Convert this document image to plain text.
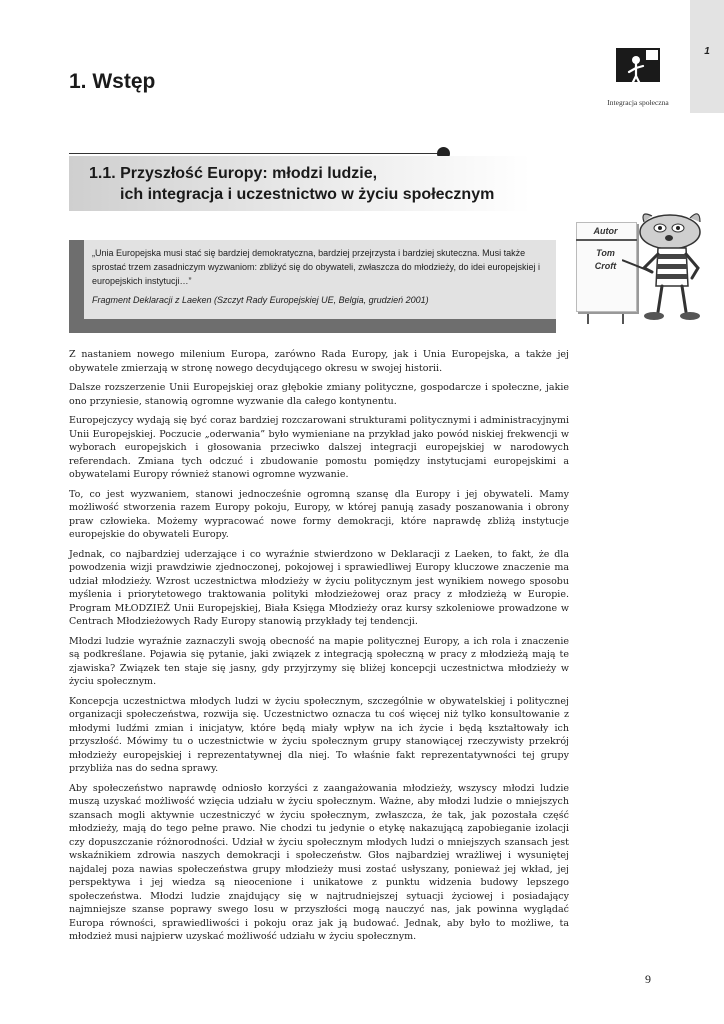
1
Integracja społeczna
1. Wstęp
1.1. Przyszłość Europy: młodzi ludzie,
ich integracja i uczestnictwo w życiu społecznym

„Unia Europejska musi stać się bardziej demokratyczna, bardziej przejrzysta i bardziej skuteczna. Musi także sprostać trzem zasadniczym wyzwaniom: zbliżyć się do obywateli, zwłaszcza do młodzieży, do idei europejskiej i europejskich instytucji…”

Fragment Deklaracji z Laeken (Szczyt Rady Europejskiej UE, Belgia, grudzień 2001)

Autor
Tom
Croft

Z nastaniem nowego milenium Europa, zarówno Rada Europy, jak i Unia Europejska, a także jej obywatele zmierzają w stronę nowego decydującego okresu w swojej historii.

Dalsze rozszerzenie Unii Europejskiej oraz głębokie zmiany polityczne, gospodarcze i społeczne, jakie ono przyniesie, stanowią ogromne wyzwanie dla całego kontynentu.

Europejczycy wydają się być coraz bardziej rozczarowani strukturami politycznymi i administracyjnymi Unii Europejskiej. Poczucie „oderwania” było wymieniane na przykład jako powód niskiej frekwencji w wyborach europejskich i głosowania przeciwko dalszej integracji europejskiej w narodowych referendach. Zmiana tych odczuć i zbudowanie pomostu pomiędzy instytucjami europejskimi a obywatelami Europy również stanowi ogromne wyzwanie.

To, co jest wyzwaniem, stanowi jednocześnie ogromną szansę dla Europy i jej obywateli. Mamy możliwość stworzenia razem Europy pokoju, Europy, w której panują zasady poszanowania i obrony praw człowieka. Możemy wypracować nowe formy demokracji, które naprawdę zbliżą instytucje europejskie do obywateli Europy.

Jednak, co najbardziej uderzające i co wyraźnie stwierdzono w Deklaracji z Laeken, to fakt, że dla powodzenia wizji prawdziwie zjednoczonej, pokojowej i sprawiedliwej Europy kluczowe znaczenie ma udział młodzieży. Wzrost uczestnictwa młodzieży w życiu politycznym jest wynikiem nowego sposobu myślenia i priorytetowego traktowania polityki młodzieżowej oraz pracy z młodzieżą w Europie. Program MŁODZIEŻ Unii Europejskiej, Biała Księga Młodzieży oraz kursy szkoleniowe prowadzone w Centrach Młodzieżowych Rady Europy stanowią przykłady tej tendencji.

Młodzi ludzie wyraźnie zaznaczyli swoją obecność na mapie politycznej Europy, a ich rola i znaczenie są podkreślane. Pojawia się pytanie, jaki związek z integracją społeczną w pracy z młodzieżą mają te zjawiska? Związek ten staje się jasny, gdy przyjrzymy się bliżej koncepcji uczestnictwa młodzieży w życiu społecznym.

Koncepcja uczestnictwa młodych ludzi w życiu społecznym, szczególnie w obywatelskiej i politycznej organizacji społeczeństwa, rozwija się. Uczestnictwo oznacza tu coś więcej niż tylko konsultowanie z młodymi ludźmi zmian i inicjatyw, które będą miały wpływ na ich życie i będą kształtowały ich przyszłość. Mówimy tu o uczestnictwie w życiu społecznym grupy stanowiącej rzeczywisty przekrój młodzieży europejskiej i reprezentatywnej dla niej. To właśnie fakt reprezentatywności tej grupy przybliża nas do sedna sprawy.

Aby społeczeństwo naprawdę odniosło korzyści z zaangażowania młodzieży, wszyscy młodzi ludzie muszą uzyskać możliwość wzięcia udziału w życiu społecznym. Ważne, aby młodzi ludzie o mniejszych szansach mogli aktywnie uczestniczyć w życiu społecznym, zwłaszcza, że tak, jak pozostała część młodzieży, mają do tego pełne prawo. Nie chodzi tu jedynie o etykę nakazującą zapobieganie izolacji czy dopuszczanie różnorodności. Udział w życiu społecznym młodych ludzi o mniejszych szansach jest wskaźnikiem zdrowia naszych demokracji i społeczeństw. Głos najbardziej wrażliwej i wysuniętej najdalej poza nawias społeczeństwa grupy młodzieży musi zostać usłyszany, ponieważ jej wkład, jej perspektywa i jej wiedza są nieocenione i unikatowe z punktu widzenia budowy lepszego społeczeństwa. Młodzi ludzie znajdujący się w najtrudniejszej sytuacji życiowej i posiadający najmniejsze szanse poprawy swego losu w przyszłości mogą nauczyć nas, jak powinna wyglądać Europa równości, sprawiedliwości i pokoju oraz jak ją budować. Jednak, aby było to możliwe, ta młodzież musi najpierw uzyskać możliwość udziału w życiu społecznym.

9
